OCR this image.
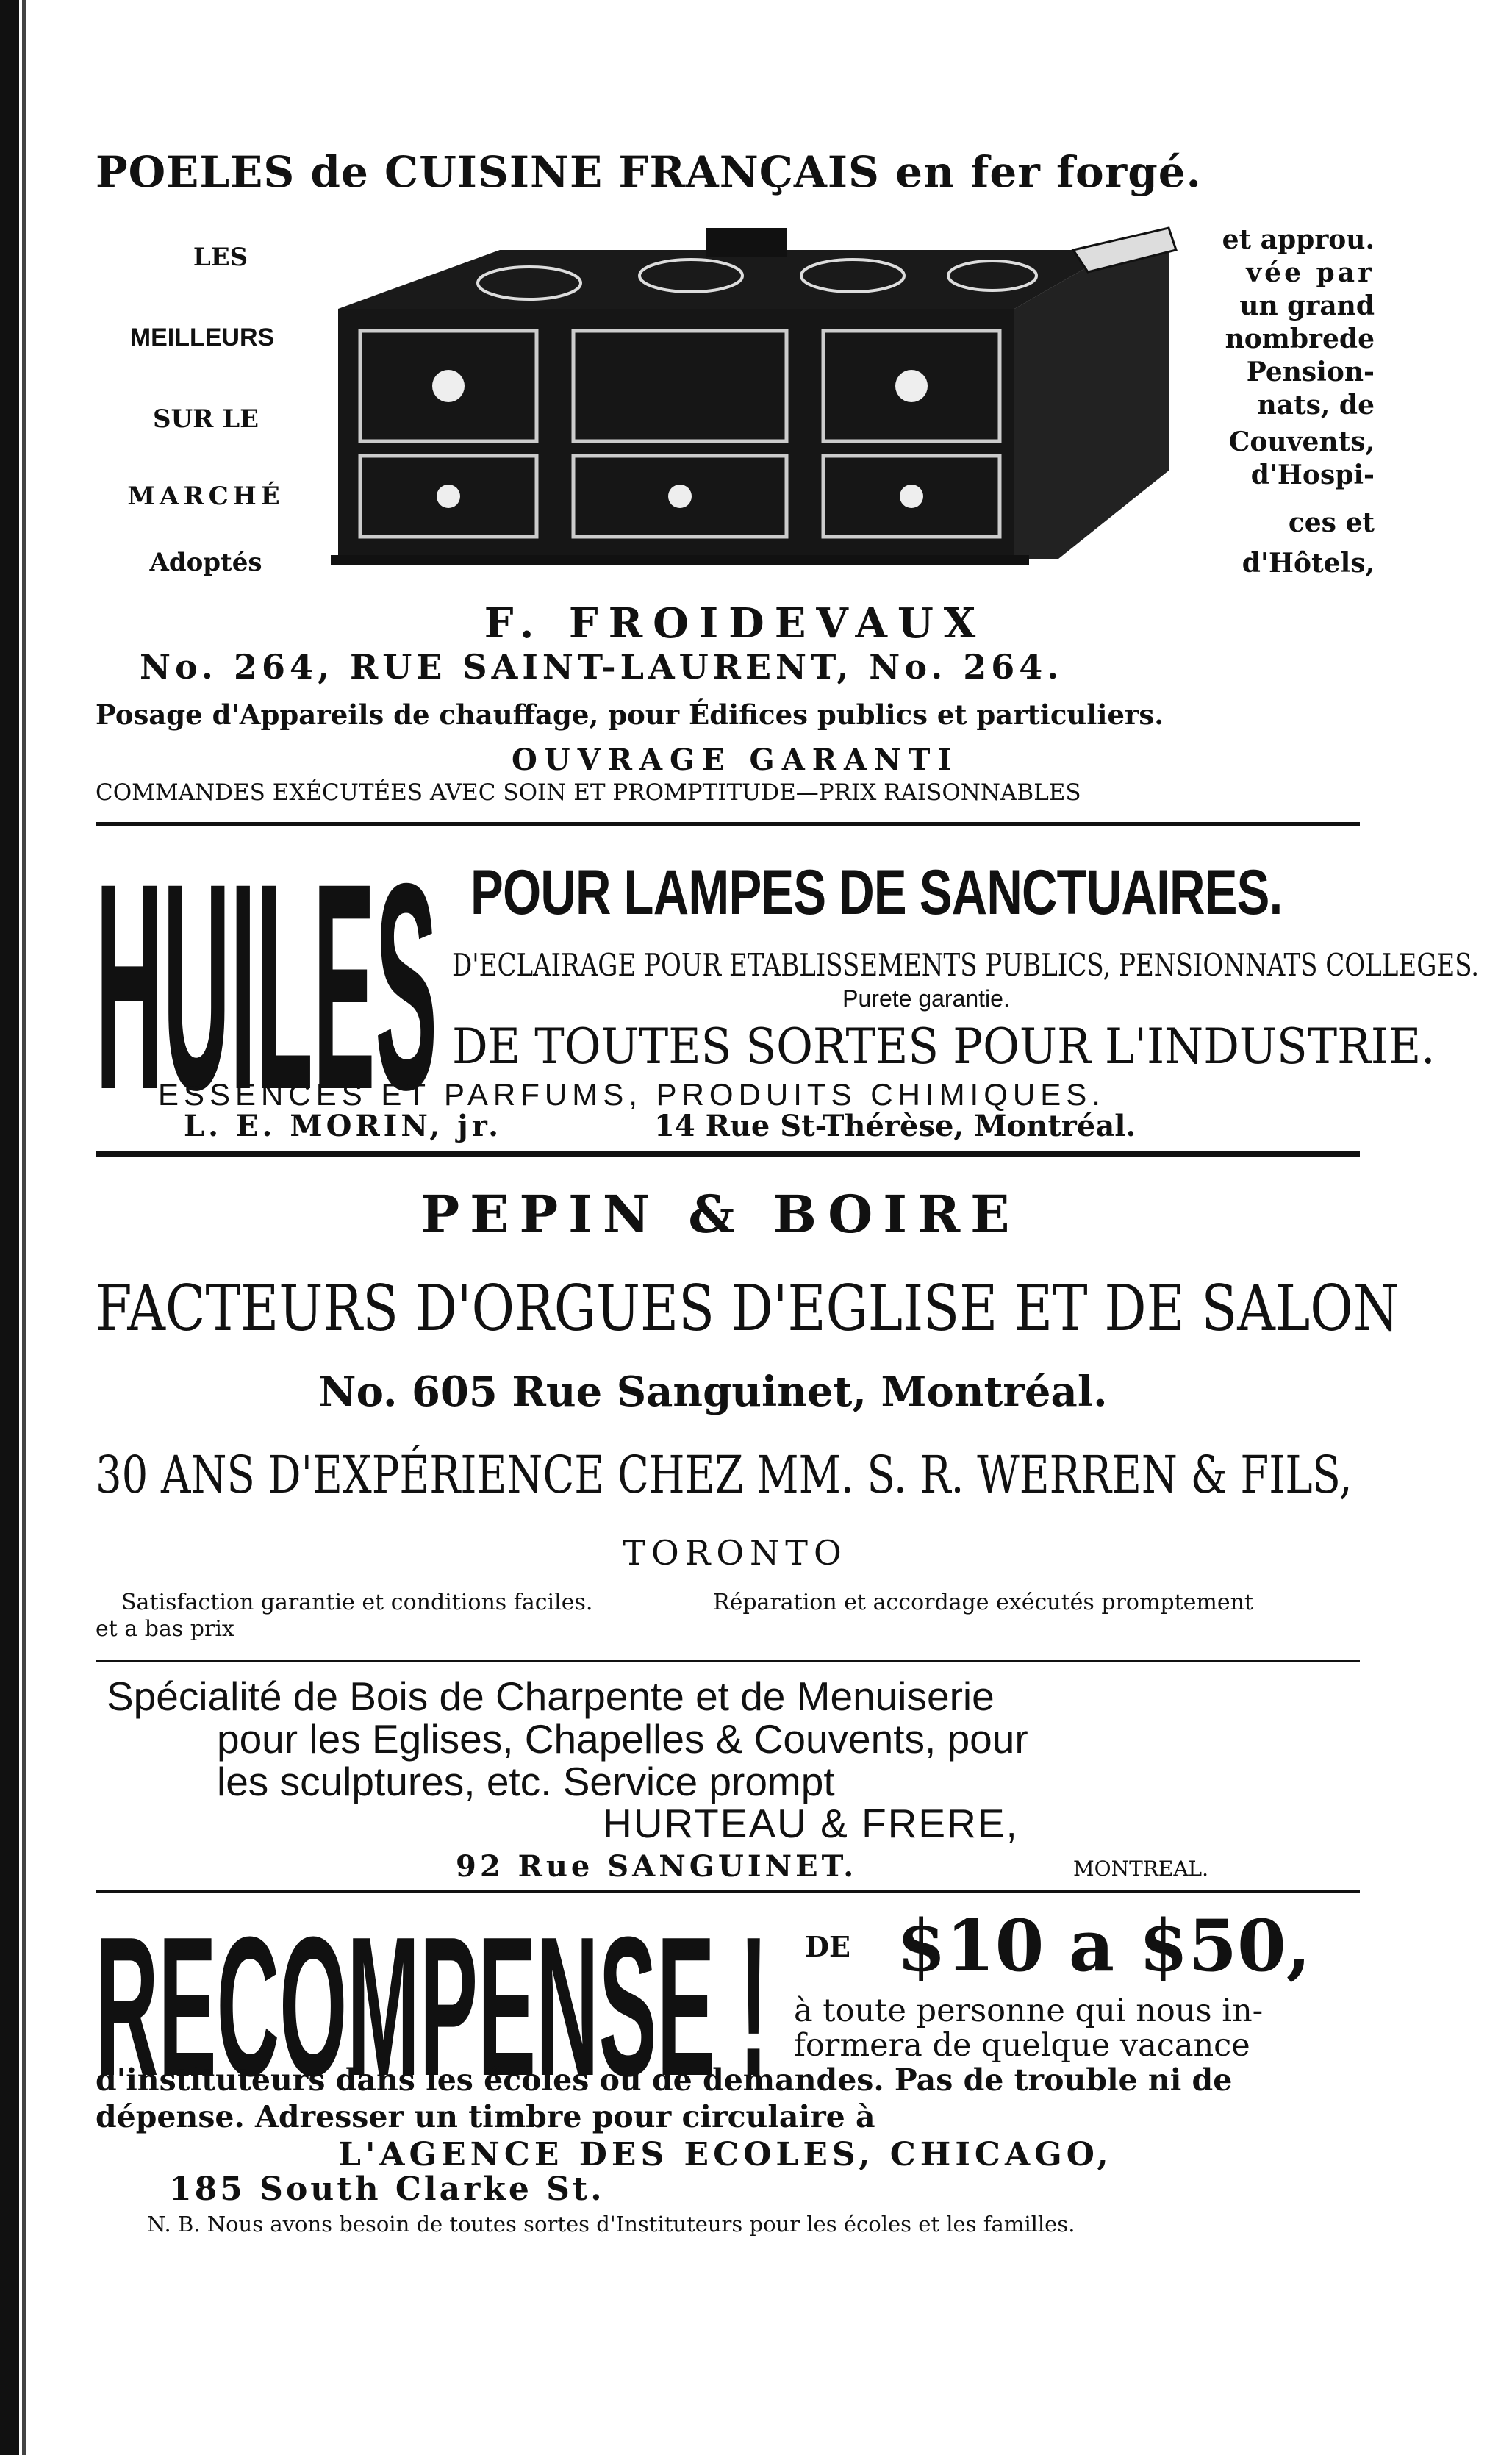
POELES de CUISINE FRANÇAIS en fer forgé.
LES
MEILLEURS
SUR LE
MARCHÉ
Adoptés
et approu.
vée par
un grand
nombrede
Pension-
nats, de
Couvents,
d'Hospi-
ces et
d'Hôtels,
F. FROIDEVAUX
No. 264, RUE SAINT-LAURENT, No. 264.
Posage d'Appareils de chauffage, pour Édifices publics et particuliers.
OUVRAGE GARANTI
COMMANDES EXÉCUTÉES AVEC SOIN ET PROMPTITUDE—PRIX RAISONNABLES
HUILES POUR LAMPES DE SANCTUAIRES.
D'ECLAIRAGE POUR ETABLISSEMENTS PUBLICS, PENSIONNATS COLLEGES.
Purete garantie.
DE TOUTES SORTES POUR L'INDUSTRIE.
ESSENCES ET PARFUMS, PRODUITS CHIMIQUES.
L. E. MORIN, jr.	14 Rue St-Thérèse, Montréal.
PEPIN & BOIRE
FACTEURS D'ORGUES D'EGLISE ET DE SALON
No. 605 Rue Sanguinet, Montréal.
30 ANS D'EXPÉRIENCE CHEZ MM. S. R. WERREN & FILS,
TORONTO
Satisfaction garantie et conditions faciles.	Réparation et accordage exécutés promptement
et a bas prix
Spécialité de Bois de Charpente et de Menuiserie
pour les Eglises, Chapelles & Couvents, pour
les sculptures, etc. Service prompt
HURTEAU & FRERE,
92 Rue SANGUINET.	MONTREAL.
RECOMPENSE ! DE $10 a $50,
à toute personne qui nous in-
formera de quelque vacance
d'instituteurs dans les écoles ou de demandes. Pas de trouble ni de
dépense. Adresser un timbre pour circulaire à
L'AGENCE DES ECOLES, CHICAGO,
185 South Clarke St.
N. B. Nous avons besoin de toutes sortes d'Instituteurs pour les écoles et les familles.
